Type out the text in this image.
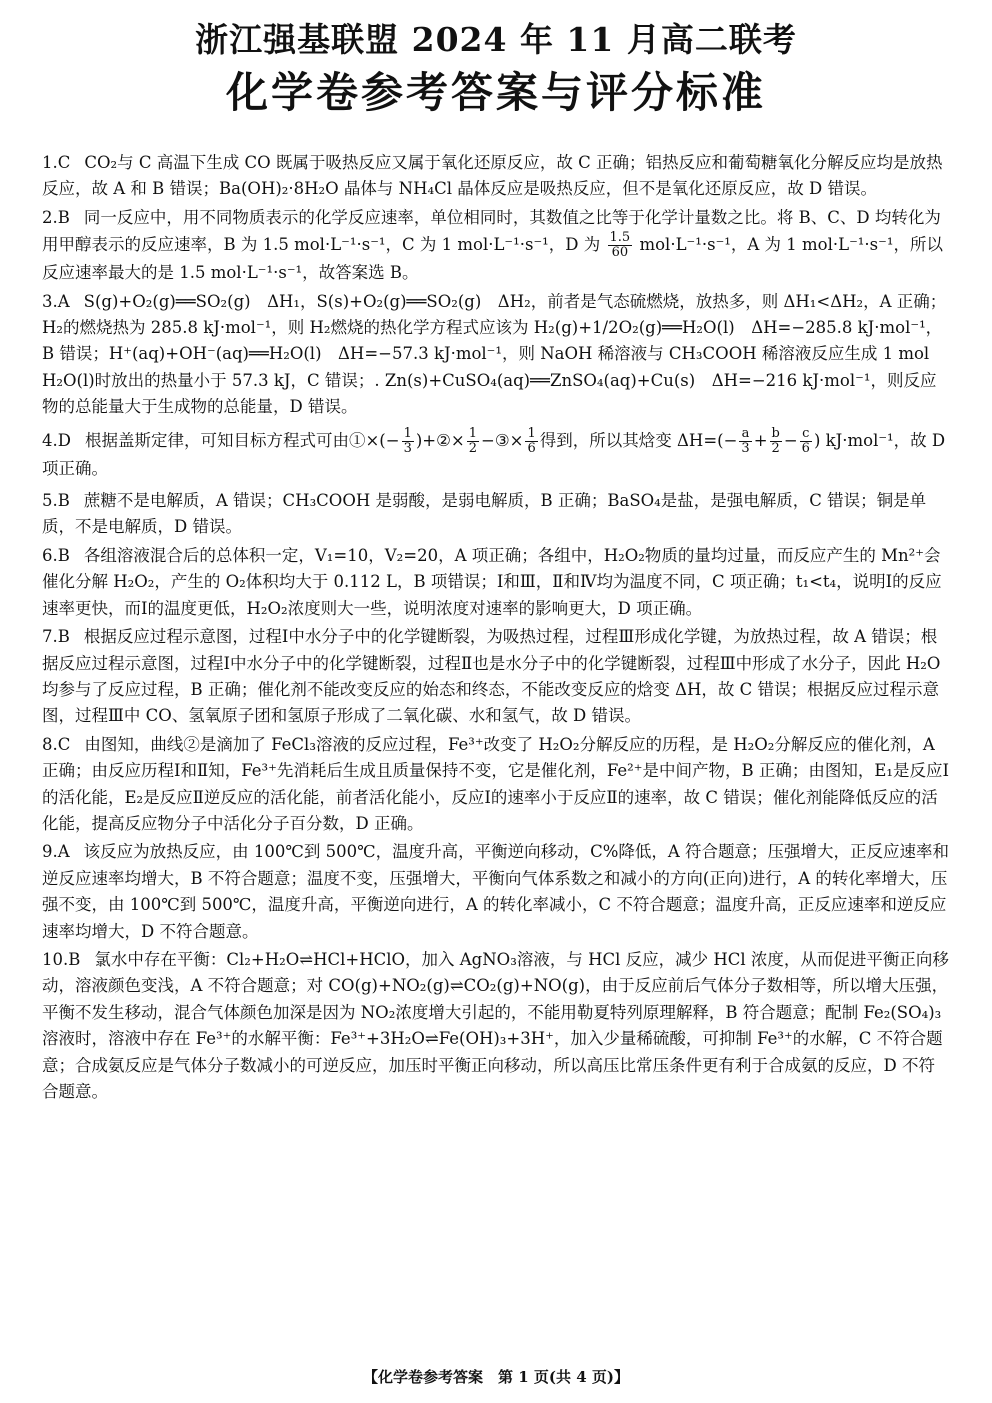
浙江强基联盟 2024 年 11 月高二联考
化学卷参考答案与评分标准
1.C CO₂与 C 高温下生成 CO 既属于吸热反应又属于氧化还原反应，故 C 正确；铝热反应和葡萄糖氧化分解反应均是放热反应，故 A 和 B 错误；Ba(OH)₂·8H₂O 晶体与 NH₄Cl 晶体反应是吸热反应，但不是氧化还原反应，故 D 错误。
2.B 同一反应中，用不同物质表示的化学反应速率，单位相同时，其数值之比等于化学计量数之比。将 B、C、D 均转化为用甲醇表示的反应速率，B 为 1.5 mol·L⁻¹·s⁻¹，C 为 1 mol·L⁻¹·s⁻¹，D 为 $\frac{1.5}{60} mol\cdot L^{-1}\cdot s^{-1}$，A 为 1 mol·L⁻¹·s⁻¹，所以反应速率最大的是 1.5 mol·L⁻¹·s⁻¹，故答案选 B。
3.A S(g)+O₂(g)══SO₂(g)　ΔH₁，S(s)+O₂(g)══SO₂(g)　ΔH₂，前者是气态硫燃烧，放热多，则 ΔH₁<ΔH₂，A 正确；H₂的燃烧热为 285.8 kJ·mol⁻¹，则 H₂燃烧的热化学方程式应该为 H₂(g)+1/2O₂(g)══H₂O(l)　ΔH=−285.8 kJ·mol⁻¹，B 错误；H⁺(aq)+OH⁻(aq)══H₂O(l)　ΔH=−57.3 kJ·mol⁻¹，则 NaOH 稀溶液与 CH₃COOH 稀溶液反应生成 1 mol H₂O(l)时放出的热量小于 57.3 kJ，C 错误；. Zn(s)+CuSO₄(aq)══ZnSO₄(aq)+Cu(s)　ΔH=−216 kJ·mol⁻¹，则反应物的总能量大于生成物的总能量，D 错误。
4.D 根据盖斯定律，可知目标方程式可由①×(− $\frac{1}{3}$ )+②× $\frac{1}{2}$ −③× $\frac{1}{6}$ 得到，所以其焓变 $\Delta H=(- \frac{a}{3} + \frac{b}{2} - \frac{c}{6}$ ) kJ·mol⁻¹，故 D 项正确。
5.B 蔗糖不是电解质，A 错误；CH₃COOH 是弱酸，是弱电解质，B 正确；BaSO₄是盐，是强电解质，C 错误；铜是单质，不是电解质，D 错误。
6.B 各组溶液混合后的总体积一定，V₁=10，V₂=20，A 项正确；各组中，H₂O₂物质的量均过量，而反应产生的 Mn²⁺会催化分解 H₂O₂，产生的 O₂体积均大于 0.112 L，B 项错误；Ⅰ和Ⅲ，Ⅱ和Ⅳ均为温度不同，C 项正确；t₁<t₄，说明Ⅰ的反应速率更快，而Ⅰ的温度更低，H₂O₂浓度则大一些，说明浓度对速率的影响更大，D 项正确。
7.B 根据反应过程示意图，过程Ⅰ中水分子中的化学键断裂，为吸热过程，过程Ⅲ形成化学键，为放热过程，故 A 错误；根据反应过程示意图，过程Ⅰ中水分子中的化学键断裂，过程Ⅱ也是水分子中的化学键断裂，过程Ⅲ中形成了水分子，因此 H₂O 均参与了反应过程，B 正确；催化剂不能改变反应的始态和终态，不能改变反应的焓变 ΔH，故 C 错误；根据反应过程示意图，过程Ⅲ中 CO、氢氧原子团和氢原子形成了二氧化碳、水和氢气，故 D 错误。
8.C 由图知，曲线②是滴加了 FeCl₃溶液的反应过程，Fe³⁺改变了 H₂O₂分解反应的历程，是 H₂O₂分解反应的催化剂，A 正确；由反应历程Ⅰ和Ⅱ知，Fe³⁺先消耗后生成且质量保持不变，它是催化剂，Fe²⁺是中间产物，B 正确；由图知，E₁是反应Ⅰ的活化能，E₂是反应Ⅱ逆反应的活化能，前者活化能小，反应Ⅰ的速率小于反应Ⅱ的速率，故 C 错误；催化剂能降低反应的活化能，提高反应物分子中活化分子百分数，D 正确。
9.A 该反应为放热反应，由 100℃到 500℃，温度升高，平衡逆向移动，C%降低，A 符合题意；压强增大，正反应速率和逆反应速率均增大，B 不符合题意；温度不变，压强增大，平衡向气体系数之和减小的方向(正向)进行，A 的转化率增大，压强不变，由 100℃到 500℃，温度升高，平衡逆向进行，A 的转化率减小，C 不符合题意；温度升高，正反应速率和逆反应速率均增大，D 不符合题意。
10.B 氯水中存在平衡：Cl₂+H₂O⇌HCl+HClO，加入 AgNO₃溶液，与 HCl 反应，减少 HCl 浓度，从而促进平衡正向移动，溶液颜色变浅，A 不符合题意；对 CO(g)+NO₂(g)⇌CO₂(g)+NO(g)，由于反应前后气体分子数相等，所以增大压强，平衡不发生移动，混合气体颜色加深是因为 NO₂浓度增大引起的，不能用勒夏特列原理解释，B 符合题意；配制 Fe₂(SO₄)₃溶液时，溶液中存在 Fe³⁺的水解平衡：Fe³⁺+3H₂O⇌Fe(OH)₃+3H⁺，加入少量稀硫酸，可抑制 Fe³⁺的水解，C 不符合题意；合成氨反应是气体分子数减小的可逆反应，加压时平衡正向移动，所以高压比常压条件更有利于合成氨的反应，D 不符合题意。
【化学卷参考答案　第 1 页(共 4 页)】
